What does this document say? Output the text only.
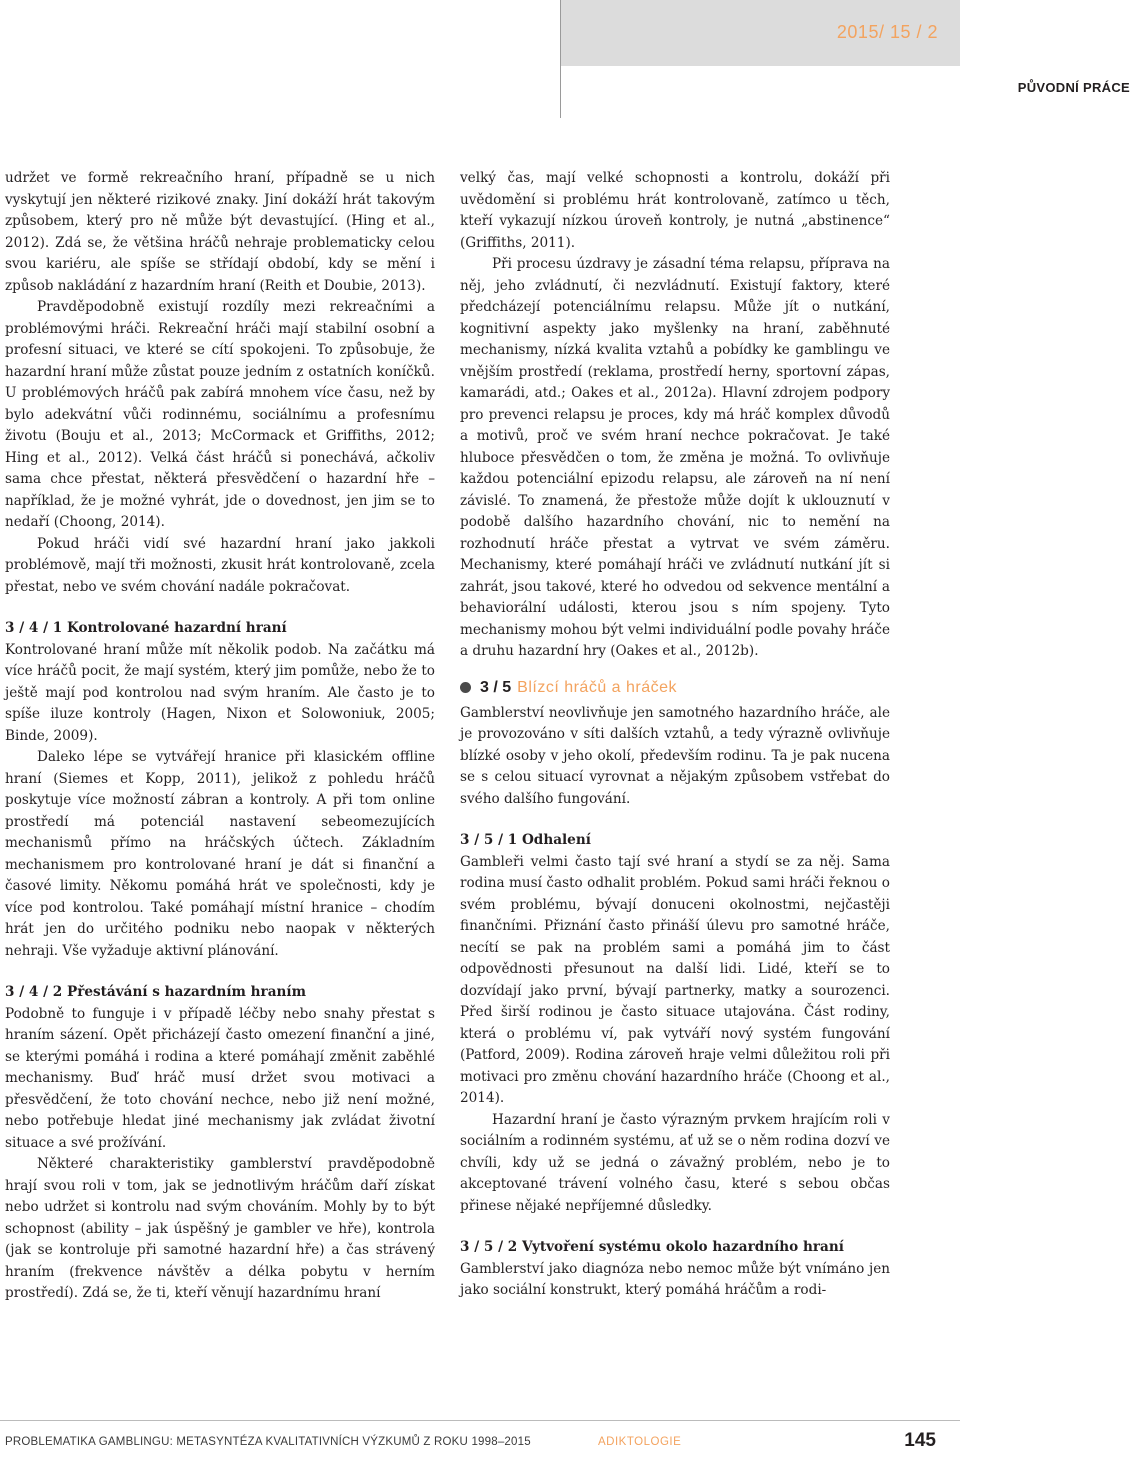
2015/ 15 / 2
PŮVODNÍ PRÁCE

udržet ve formě rekreačního hraní, případně se u nich vyskytují jen některé rizikové znaky. Jiní dokáží hrát takovým způsobem, který pro ně může být devastující. (Hing et al., 2012). Zdá se, že většina hráčů nehraje problematicky celou svou kariéru, ale spíše se střídají období, kdy se mění i způsob nakládání z hazardním hraní (Reith et Doubie, 2013).

Pravděpodobně existují rozdíly mezi rekreačními a problémovými hráči. Rekreační hráči mají stabilní osobní a profesní situaci, ve které se cítí spokojeni. To způsobuje, že hazardní hraní může zůstat pouze jedním z ostatních koníčků. U problémových hráčů pak zabírá mnohem více času, než by bylo adekvátní vůči rodinnému, sociálnímu a profesnímu životu (Bouju et al., 2013; McCormack et Griffiths, 2012; Hing et al., 2012). Velká část hráčů si ponechává, ačkoliv sama chce přestat, některá přesvědčení o hazardní hře – například, že je možné vyhrát, jde o dovednost, jen jim se to nedaří (Choong, 2014).

Pokud hráči vidí své hazardní hraní jako jakkoli problémově, mají tři možnosti, zkusit hrát kontrolovaně, zcela přestat, nebo ve svém chování nadále pokračovat.

3 / 4 / 1 Kontrolované hazardní hraní

Kontrolované hraní může mít několik podob. Na začátku má více hráčů pocit, že mají systém, který jim pomůže, nebo že to ještě mají pod kontrolou nad svým hraním. Ale často je to spíše iluze kontroly (Hagen, Nixon et Solowoniuk, 2005; Binde, 2009).

Daleko lépe se vytvářejí hranice při klasickém offline hraní (Siemes et Kopp, 2011), jelikož z pohledu hráčů poskytuje více možností zábran a kontroly. A při tom online prostředí má potenciál nastavení sebeomezujících mechanismů přímo na hráčských účtech. Základním mechanismem pro kontrolované hraní je dát si finanční a časové limity. Někomu pomáhá hrát ve společnosti, kdy je více pod kontrolou. Také pomáhají místní hranice – chodím hrát jen do určitého podniku nebo naopak v některých nehraji. Vše vyžaduje aktivní plánování.

3 / 4 / 2 Přestávání s hazardním hraním

Podobně to funguje i v případě léčby nebo snahy přestat s hraním sázení. Opět přicházejí často omezení finanční a jiné, se kterými pomáhá i rodina a které pomáhají změnit zaběhlé mechanismy. Buď hráč musí držet svou motivaci a přesvědčení, že toto chování nechce, nebo již není možné, nebo potřebuje hledat jiné mechanismy jak zvládat životní situace a své prožívání.

Některé charakteristiky gamblerství pravděpodobně hrají svou roli v tom, jak se jednotlivým hráčům daří získat nebo udržet si kontrolu nad svým chováním. Mohly by to být schopnost (ability – jak úspěšný je gambler ve hře), kontrola (jak se kontroluje při samotné hazardní hře) a čas strávený hraním (frekvence návštěv a délka pobytu v herním prostředí). Zdá se, že ti, kteří věnují hazardnímu hraní

velký čas, mají velké schopnosti a kontrolu, dokáží při uvědomění si problému hrát kontrolovaně, zatímco u těch, kteří vykazují nízkou úroveň kontroly, je nutná „abstinence“ (Griffiths, 2011).

Při procesu úzdravy je zásadní téma relapsu, příprava na něj, jeho zvládnutí, či nezvládnutí. Existují faktory, které předcházejí potenciálnímu relapsu. Může jít o nutkání, kognitivní aspekty jako myšlenky na hraní, zaběhnuté mechanismy, nízká kvalita vztahů a pobídky ke gamblingu ve vnějším prostředí (reklama, prostředí herny, sportovní zápas, kamarádi, atd.; Oakes et al., 2012a). Hlavní zdrojem podpory pro prevenci relapsu je proces, kdy má hráč komplex důvodů a motivů, proč ve svém hraní nechce pokračovat. Je také hluboce přesvědčen o tom, že změna je možná. To ovlivňuje každou potenciální epizodu relapsu, ale zároveň na ní není závislé. To znamená, že přestože může dojít k uklouznutí v podobě dalšího hazardního chování, nic to nemění na rozhodnutí hráče přestat a vytrvat ve svém záměru. Mechanismy, které pomáhají hráči ve zvládnutí nutkání jít si zahrát, jsou takové, které ho odvedou od sekvence mentální a behaviorální události, kterou jsou s ním spojeny. Tyto mechanismy mohou být velmi individuální podle povahy hráče a druhu hazardní hry (Oakes et al., 2012b).

3 / 5 Blízcí hráčů a hráček

Gamblerství neovlivňuje jen samotného hazardního hráče, ale je provozováno v síti dalších vztahů, a tedy výrazně ovlivňuje blízké osoby v jeho okolí, především rodinu. Ta je pak nucena se s celou situací vyrovnat a nějakým způsobem vstřebat do svého dalšího fungování.

3 / 5 / 1 Odhalení

Gambleři velmi často tají své hraní a stydí se za něj. Sama rodina musí často odhalit problém. Pokud sami hráči řeknou o svém problému, bývají donuceni okolnostmi, nejčastěji finančními. Přiznání často přináší úlevu pro samotné hráče, necítí se pak na problém sami a pomáhá jim to část odpovědnosti přesunout na další lidi. Lidé, kteří se to dozvídají jako první, bývají partnerky, matky a sourozenci. Před širší rodinou je často situace utajována. Část rodiny, která o problému ví, pak vytváří nový systém fungování (Patford, 2009). Rodina zároveň hraje velmi důležitou roli při motivaci pro změnu chování hazardního hráče (Choong et al., 2014).

Hazardní hraní je často výrazným prvkem hrajícím roli v sociálním a rodinném systému, ať už se o něm rodina dozví ve chvíli, kdy už se jedná o závažný problém, nebo je to akceptované trávení volného času, které s sebou občas přinese nějaké nepříjemné důsledky.

3 / 5 / 2 Vytvoření systému okolo hazardního hraní

Gamblerství jako diagnóza nebo nemoc může být vnímáno jen jako sociální konstrukt, který pomáhá hráčům a rodi-

PROBLEMATIKA GAMBLINGU: METASYNTÉZA KVALITATIVNÍCH VÝZKUMŮ Z ROKU 1998–2015	ADIKTOLOGIE	145
